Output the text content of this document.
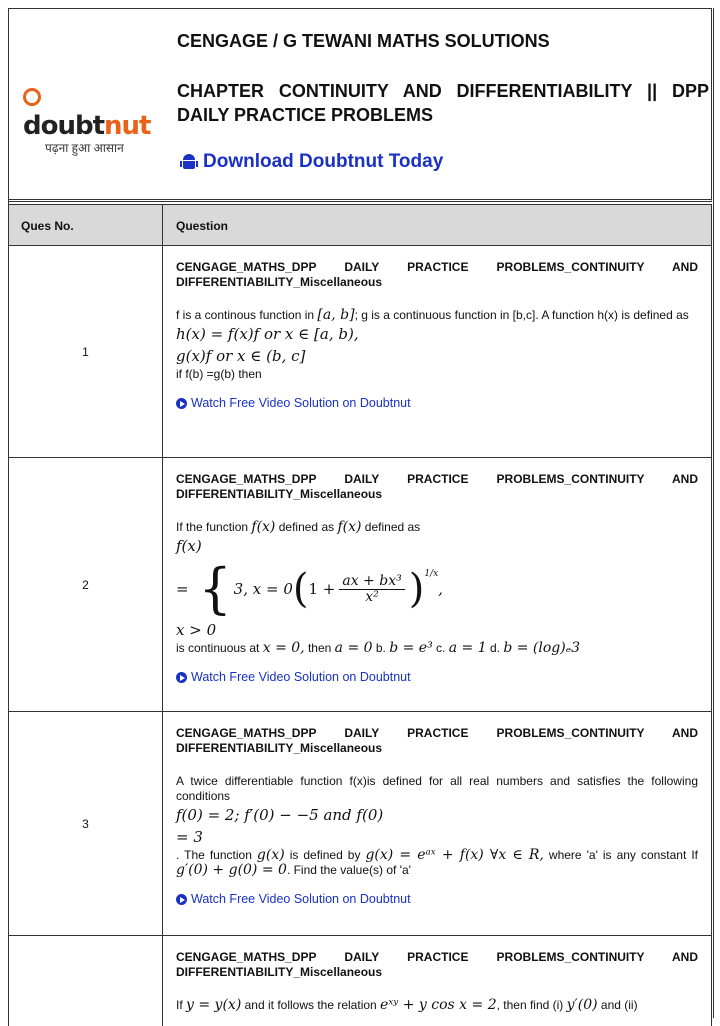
doubtnut
पढ़ना हुआ आसान
CENGAGE / G TEWANI MATHS SOLUTIONS
CHAPTER CONTINUITY AND DIFFERENTIABILITY || DPP DAILY PRACTICE PROBLEMS
Download Doubtnut Today
Ques No.	Question
1
CENGAGE_MATHS_DPP DAILY PRACTICE PROBLEMS_CONTINUITY AND DIFFERENTIABILITY_Miscellaneous
f is a continous function in [a, b]; g is a continuous function in [b,c]. A function h(x) is defined as
h(x) = f(x)f or x ∈ [a, b),
g(x)f or x ∈ (b, c]
if f(b) =g(b) then
Watch Free Video Solution on Doubtnut
2
CENGAGE_MATHS_DPP DAILY PRACTICE PROBLEMS_CONTINUITY AND DIFFERENTIABILITY_Miscellaneous
If the function f(x) defined as f(x) defined as
f(x)
= { 3, x = 0 ( $1 + \frac{\text{ax + bx³}}{\text{x²}} )^{1/x}$
,
x > 0
is continuous at x = 0, then a = 0 b. b = e³ c. a = 1 d. b = (log)ₑ3
Watch Free Video Solution on Doubtnut
3
CENGAGE_MATHS_DPP DAILY PRACTICE PROBLEMS_CONTINUITY AND DIFFERENTIABILITY_Miscellaneous
A twice differentiable function f(x)is defined for all real numbers and satisfies the following conditions
f(0) = 2; f′(0) − −5 and f(0)
= 3
. The function g(x) is defined by g(x) = eᵃˣ + f(x) ∀x ∈ R, where 'a' is any constant If g′(0) + g(0) = 0. Find the value(s) of 'a'
Watch Free Video Solution on Doubtnut
CENGAGE_MATHS_DPP DAILY PRACTICE PROBLEMS_CONTINUITY AND DIFFERENTIABILITY_Miscellaneous
If y = y(x) and it follows the relation eˣʸ + y cos x = 2, then find (i) y′(0) and (ii)
